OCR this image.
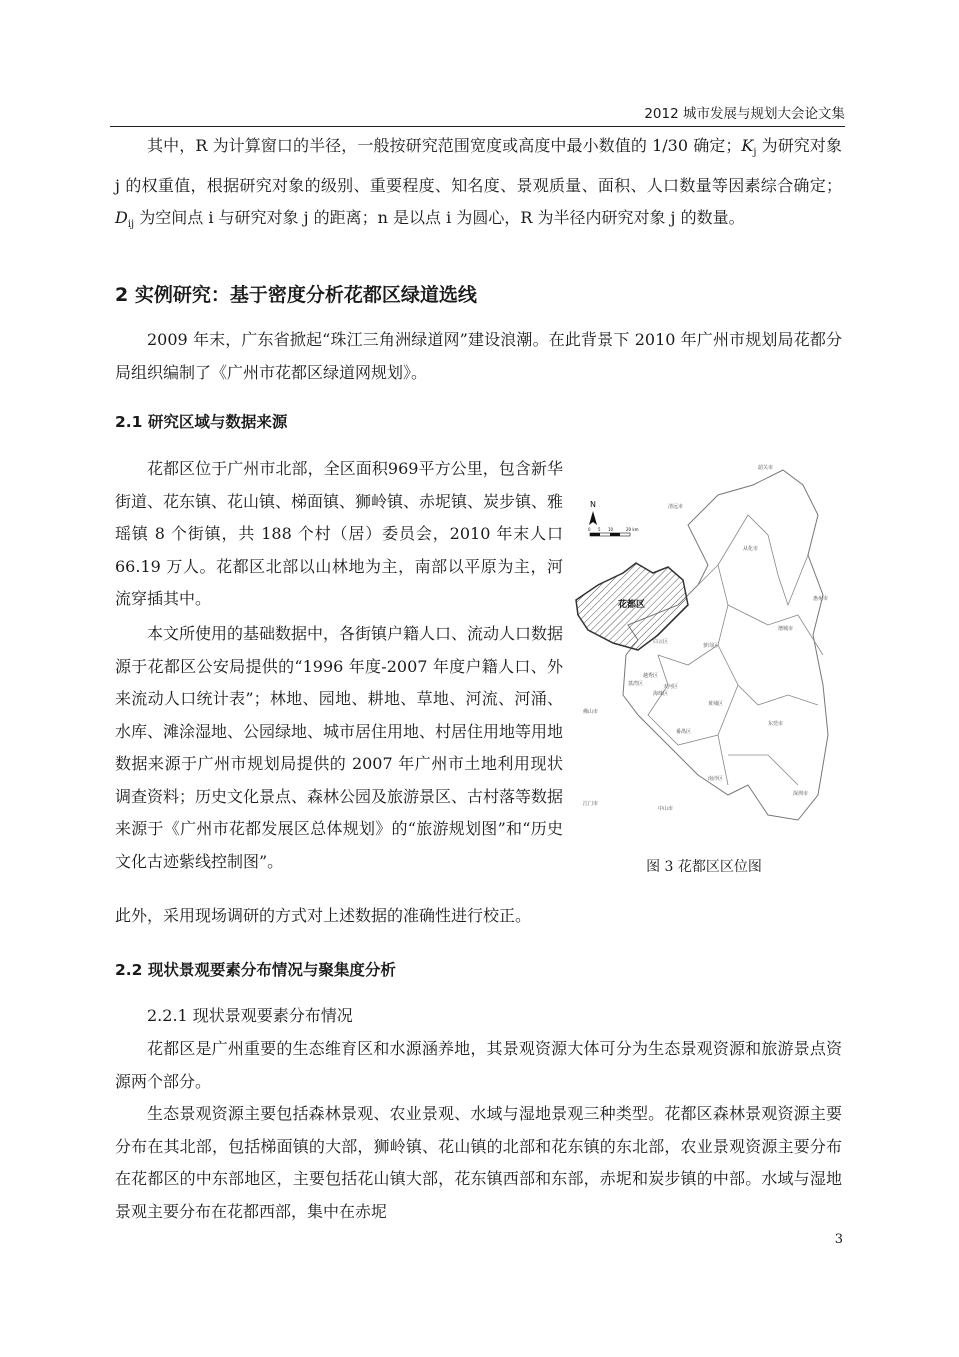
2012 城市发展与规划大会论文集

其中，R 为计算窗口的半径，一般按研究范围宽度或高度中最小数值的 1/30 确定；$K_j$ 为研究对象 j 的权重值，根据研究对象的级别、重要程度、知名度、景观质量、面积、人口数量等因素综合确定；$D_{ij}$ 为空间点 i 与研究对象 j 的距离；n 是以点 i 为圆心，R 为半径内研究对象 j 的数量。

2 实例研究：基于密度分析花都区绿道选线

2009 年末，广东省掀起“珠江三角洲绿道网”建设浪潮。在此背景下 2010 年广州市规划局花都分局组织编制了《广州市花都区绿道网规划》。

2.1 研究区域与数据来源

花都区位于广州市北部，全区面积969平方公里，包含新华街道、花东镇、花山镇、梯面镇、狮岭镇、赤坭镇、炭步镇、雅瑶镇 8 个街镇，共 188 个村（居）委员会，2010 年末人口 66.19 万人。花都区北部以山林地为主，南部以平原为主，河流穿插其中。

本文所使用的基础数据中，各街镇户籍人口、流动人口数据源于花都区公安局提供的“1996 年度-2007 年度户籍人口、外来流动人口统计表”；林地、园地、耕地、草地、河流、河涌、水库、滩涂湿地、公园绿地、城市居住用地、村居住用地等用地数据来源于广州市规划局提供的 2007 年广州市土地利用现状调查资料；历史文化景点、森林公园及旅游景区、古村落等数据来源于《广州市花都发展区总体规划》的“旅游规划图”和“历史文化古迹紫线控制图”。

此外，采用现场调研的方式对上述数据的准确性进行校正。

花都区
N
0 5 10	20 km
韶关市
清远市
从化市
增城市
惠州市
白云区
萝岗区
黄埔区
越秀区
天河区
荔湾区
海珠区
佛山市
番禺区
东莞市
南沙区
江门市
中山市
深圳市
图 3 花都区区位图
2.2 现状景观要素分布情况与聚集度分析

2.2.1 现状景观要素分布情况

花都区是广州重要的生态维育区和水源涵养地，其景观资源大体可分为生态景观资源和旅游景点资源两个部分。

生态景观资源主要包括森林景观、农业景观、水域与湿地景观三种类型。花都区森林景观资源主要分布在其北部，包括梯面镇的大部，狮岭镇、花山镇的北部和花东镇的东北部，农业景观资源主要分布在花都区的中东部地区，主要包括花山镇大部，花东镇西部和东部，赤坭和炭步镇的中部。水域与湿地景观主要分布在花都西部，集中在赤坭

3
